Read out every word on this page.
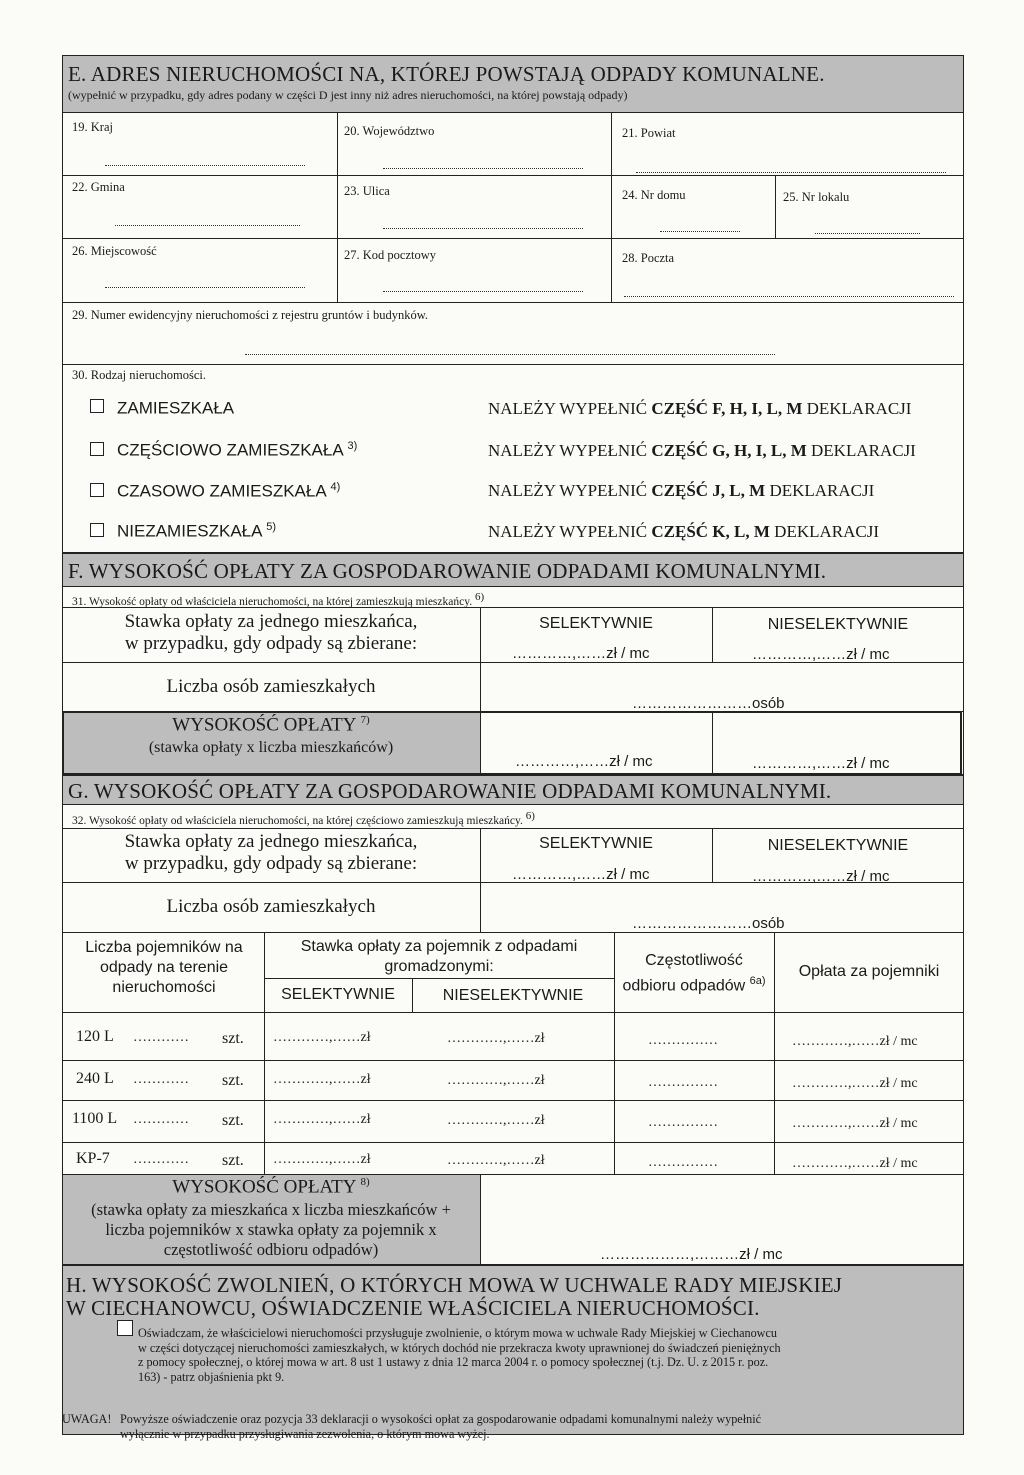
E. ADRES NIERUCHOMOŚCI NA, KTÓREJ POWSTAJĄ ODPADY KOMUNALNE.
(wypełnić w przypadku, gdy adres podany w części D jest inny niż adres nieruchomości, na której powstają odpady)
19. Kraj	20. Województwo	21. Powiat
22. Gmina	23. Ulica	24. Nr domu	25. Nr lokalu
26. Miejscowość	27. Kod pocztowy	28. Poczta
29. Numer ewidencyjny nieruchomości z rejestru gruntów i budynków.
30. Rodzaj nieruchomości.
ZAMIESZKAŁA	NALEŻY WYPEŁNIĆ CZĘŚĆ F, H, I, L, M DEKLARACJI
CZĘŚCIOWO ZAMIESZKAŁA $^{3)}$	NALEŻY WYPEŁNIĆ CZĘŚĆ G, H, I, L, M DEKLARACJI
CZASOWO ZAMIESZKAŁA $^{4)}$	NALEŻY WYPEŁNIĆ CZĘŚĆ J, L, M DEKLARACJI
NIEZAMIESZKAŁA $^{5)}$	NALEŻY WYPEŁNIĆ CZĘŚĆ K, L, M DEKLARACJI
F. WYSOKOŚĆ OPŁATY ZA GOSPODAROWANIE ODPADAMI KOMUNALNYMI.
31. Wysokość opłaty od właściciela nieruchomości, na której zamieszkują mieszkańcy. 6)
Stawka opłaty za jednego mieszkańca,
w przypadku, gdy odpady są zbierane:
SELEKTYWNIE	NIESELEKTYWNIE
…………,……zł / mc	…………,……zł / mc
Liczba osób zamieszkałych
……………………osób
WYSOKOŚĆ OPŁATY $^{7)}$
(stawka opłaty x liczba mieszkańców)
…………,……zł / mc	…………,……zł / mc
G. WYSOKOŚĆ OPŁATY ZA GOSPODAROWANIE ODPADAMI KOMUNALNYMI.
32. Wysokość opłaty od właściciela nieruchomości, na której częściowo zamieszkują mieszkańcy. 6)
Stawka opłaty za jednego mieszkańca,
w przypadku, gdy odpady są zbierane:
SELEKTYWNIE	NIESELEKTYWNIE
…………,……zł / mc	…………,……zł / mc
Liczba osób zamieszkałych
……………………osób
Liczba pojemników na
odpady na terenie
nieruchomości
Stawka opłaty za pojemnik z odpadami
gromadzonymi:
SELEKTYWNIE	NIESELEKTYWNIE
Częstotliwość
odbioru odpadów $^{6a)}$
Opłata za pojemniki
120 L ………… szt. …………,……zł	…………,……zł	……………	…………,……zł / mc
240 L ………… szt. …………,……zł	…………,……zł	……………	…………,……zł / mc
1100 L ………… szt. …………,……zł	…………,……zł	……………	…………,……zł / mc
KP-7 ………… szt. …………,……zł	…………,……zł	……………	…………,……zł / mc
WYSOKOŚĆ OPŁATY $^{8)}$
(stawka opłaty za mieszkańca x liczba mieszkańców +
liczba pojemników x stawka opłaty za pojemnik x
częstotliwość odbioru odpadów)	………………,………zł / mc
H. WYSOKOŚĆ ZWOLNIEŃ, O KTÓRYCH MOWA W UCHWALE RADY MIEJSKIEJ
W CIECHANOWCU, OŚWIADCZENIE WŁAŚCICIELA NIERUCHOMOŚCI.
Oświadczam, że właścicielowi nieruchomości przysługuje zwolnienie, o którym mowa w uchwale Rady Miejskiej w Ciechanowcu
w części dotyczącej nieruchomości zamieszkałych, w których dochód nie przekracza kwoty uprawnionej do świadczeń pieniężnych
z pomocy społecznej, o której mowa w art. 8 ust 1 ustawy z dnia 12 marca 2004 r. o pomocy społecznej (t.j. Dz. U. z 2015 r. poz.
163) - patrz objaśnienia pkt 9.
UWAGA! Powyższe oświadczenie oraz pozycja 33 deklaracji o wysokości opłat za gospodarowanie odpadami komunalnymi należy wypełnić
wyłącznie w przypadku przysługiwania zezwolenia, o którym mowa wyżej.
